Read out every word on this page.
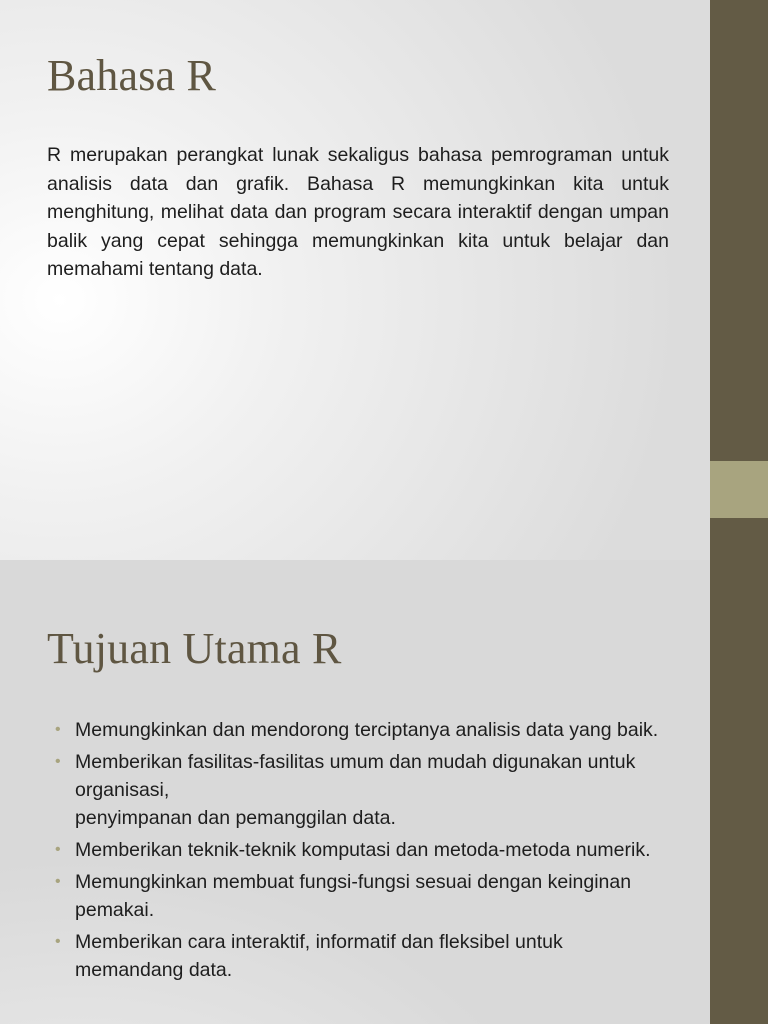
Bahasa R

R merupakan perangkat lunak sekaligus bahasa pemrograman untuk analisis data dan grafik. Bahasa R memungkinkan kita untuk menghitung, melihat data dan program secara interaktif dengan umpan balik yang cepat sehingga memungkinkan kita untuk belajar dan memahami tentang data.

Tujuan Utama R
• Memungkinkan dan mendorong terciptanya analisis data yang baik.
• Memberikan fasilitas-fasilitas umum dan mudah digunakan untuk organisasi,
penyimpanan dan pemanggilan data.
• Memberikan teknik-teknik komputasi dan metoda-metoda numerik.
• Memungkinkan membuat fungsi-fungsi sesuai dengan keinginan pemakai.
• Memberikan cara interaktif, informatif dan fleksibel untuk memandang data.
